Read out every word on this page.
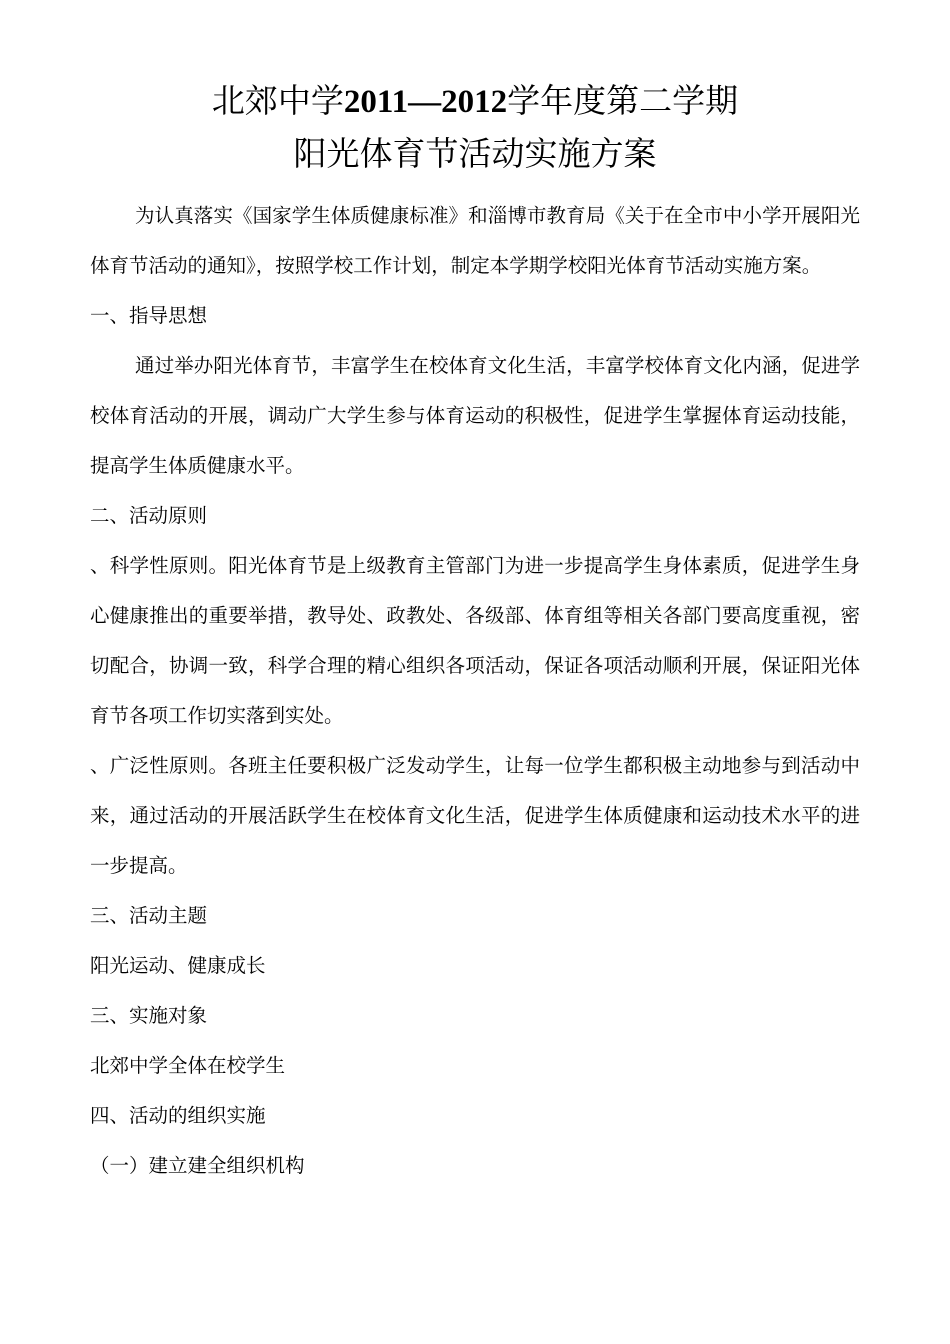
北郊中学2011—2012学年度第二学期
阳光体育节活动实施方案

为认真落实《国家学生体质健康标准》和淄博市教育局《关于在全市中小学开展阳光体育节活动的通知》，按照学校工作计划，制定本学期学校阳光体育节活动实施方案。

一、指导思想

通过举办阳光体育节，丰富学生在校体育文化生活，丰富学校体育文化内涵，促进学校体育活动的开展，调动广大学生参与体育运动的积极性，促进学生掌握体育运动技能，提高学生体质健康水平。

二、活动原则

、科学性原则。阳光体育节是上级教育主管部门为进一步提高学生身体素质，促进学生身心健康推出的重要举措，教导处、政教处、各级部、体育组等相关各部门要高度重视，密切配合，协调一致，科学合理的精心组织各项活动，保证各项活动顺利开展，保证阳光体育节各项工作切实落到实处。

、广泛性原则。各班主任要积极广泛发动学生，让每一位学生都积极主动地参与到活动中来，通过活动的开展活跃学生在校体育文化生活，促进学生体质健康和运动技术水平的进一步提高。

三、活动主题

阳光运动、健康成长

三、实施对象

北郊中学全体在校学生

四、活动的组织实施

（一）建立建全组织机构
